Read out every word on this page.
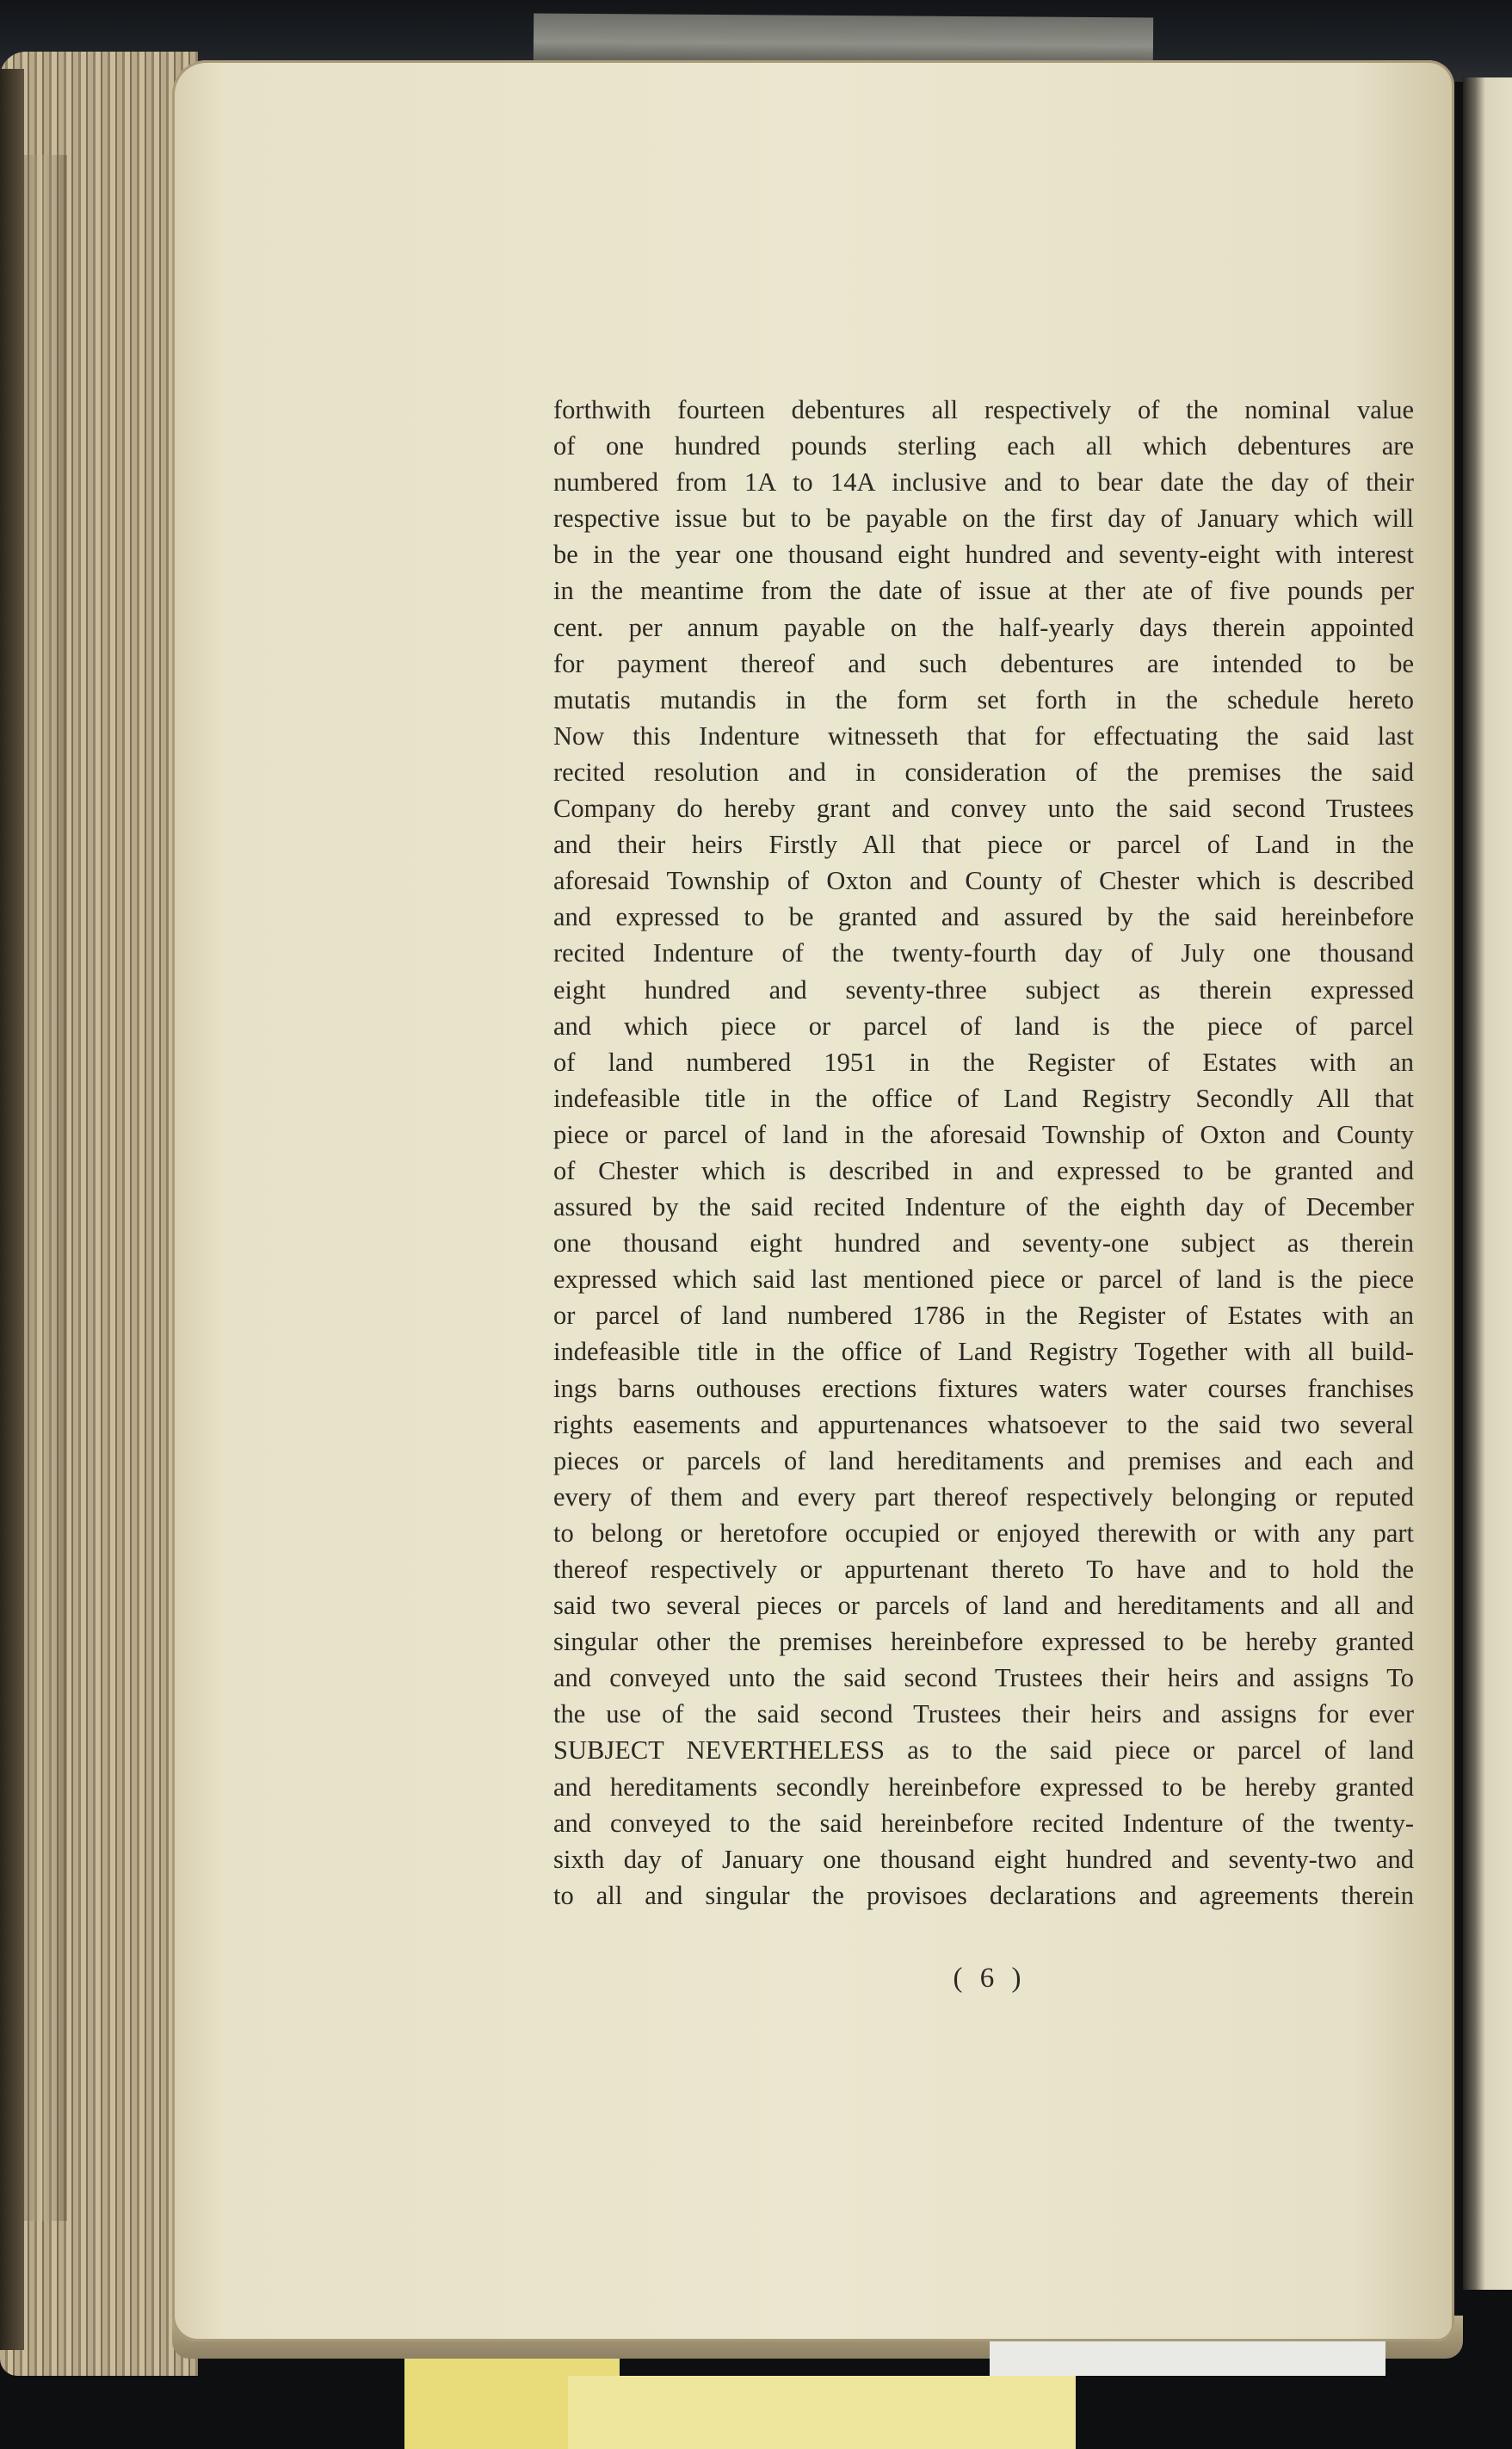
forthwith fourteen debentures all respectively of the nominal value
of one hundred pounds sterling each all which debentures are
numbered from 1A to 14A inclusive and to bear date the day of their
respective issue but to be payable on the first day of January which will
be in the year one thousand eight hundred and seventy-eight with interest
in the meantime from the date of issue at ther ate of five pounds per
cent. per annum payable on the half-yearly days therein appointed
for payment thereof and such debentures are intended to be
mutatis mutandis in the form set forth in the schedule hereto
Now this Indenture witnesseth that for effectuating the said last
recited resolution and in consideration of the premises the said
Company do hereby grant and convey unto the said second Trustees
and their heirs Firstly All that piece or parcel of Land in the
aforesaid Township of Oxton and County of Chester which is described
and expressed to be granted and assured by the said hereinbefore
recited Indenture of the twenty-fourth day of July one thousand
eight hundred and seventy-three subject as therein expressed
and which piece or parcel of land is the piece of parcel
of land numbered 1951 in the Register of Estates with an
indefeasible title in the office of Land Registry Secondly All that
piece or parcel of land in the aforesaid Township of Oxton and County
of Chester which is described in and expressed to be granted and
assured by the said recited Indenture of the eighth day of December
one thousand eight hundred and seventy-one subject as therein
expressed which said last mentioned piece or parcel of land is the piece
or parcel of land numbered 1786 in the Register of Estates with an
indefeasible title in the office of Land Registry Together with all build-
ings barns outhouses erections fixtures waters water courses franchises
rights easements and appurtenances whatsoever to the said two several
pieces or parcels of land hereditaments and premises and each and
every of them and every part thereof respectively belonging or reputed
to belong or heretofore occupied or enjoyed therewith or with any part
thereof respectively or appurtenant thereto To have and to hold the
said two several pieces or parcels of land and hereditaments and all and
singular other the premises hereinbefore expressed to be hereby granted
and conveyed unto the said second Trustees their heirs and assigns To
the use of the said second Trustees their heirs and assigns for ever
SUBJECT NEVERTHELESS as to the said piece or parcel of land
and hereditaments secondly hereinbefore expressed to be hereby granted
and conveyed to the said hereinbefore recited Indenture of the twenty-
sixth day of January one thousand eight hundred and seventy-two and
to all and singular the provisoes declarations and agreements therein
( 6 )
